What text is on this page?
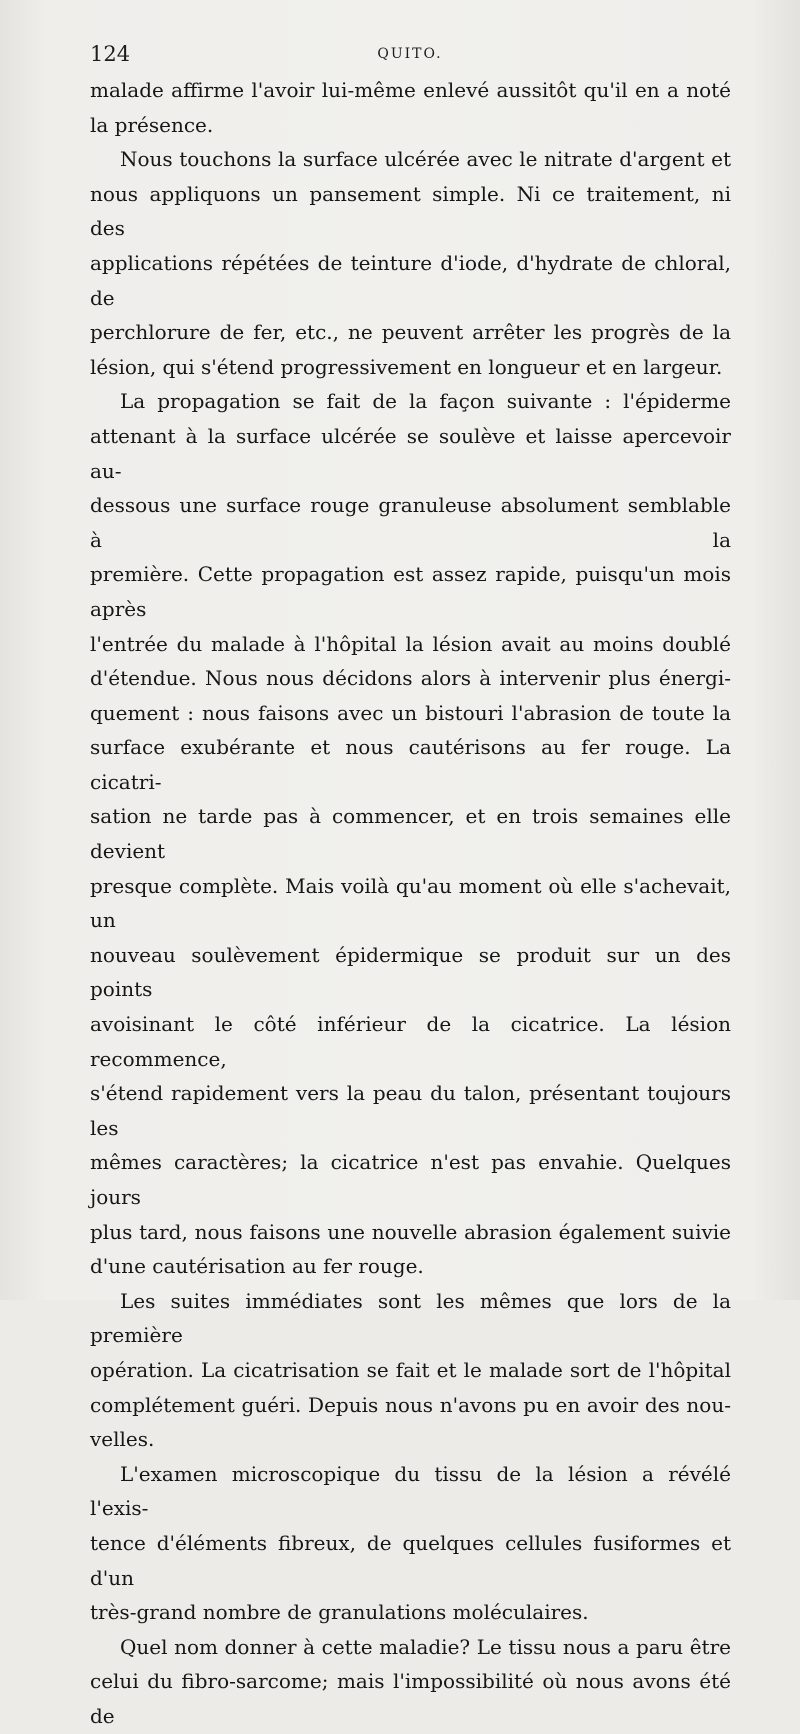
124	QUITO.
malade affirme l'avoir lui-même enlevé aussitôt qu'il en a noté
la présence.
Nous touchons la surface ulcérée avec le nitrate d'argent et
nous appliquons un pansement simple. Ni ce traitement, ni des
applications répétées de teinture d'iode, d'hydrate de chloral, de
perchlorure de fer, etc., ne peuvent arrêter les progrès de la
lésion, qui s'étend progressivement en longueur et en largeur.
La propagation se fait de la façon suivante : l'épiderme
attenant à la surface ulcérée se soulève et laisse apercevoir au-
dessous une surface rouge granuleuse absolument semblable à la
première. Cette propagation est assez rapide, puisqu'un mois après
l'entrée du malade à l'hôpital la lésion avait au moins doublé
d'étendue. Nous nous décidons alors à intervenir plus énergi-
quement : nous faisons avec un bistouri l'abrasion de toute la
surface exubérante et nous cautérisons au fer rouge. La cicatri-
sation ne tarde pas à commencer, et en trois semaines elle devient
presque complète. Mais voilà qu'au moment où elle s'achevait, un
nouveau soulèvement épidermique se produit sur un des points
avoisinant le côté inférieur de la cicatrice. La lésion recommence,
s'étend rapidement vers la peau du talon, présentant toujours les
mêmes caractères; la cicatrice n'est pas envahie. Quelques jours
plus tard, nous faisons une nouvelle abrasion également suivie
d'une cautérisation au fer rouge.
Les suites immédiates sont les mêmes que lors de la première
opération. La cicatrisation se fait et le malade sort de l'hôpital
complétement guéri. Depuis nous n'avons pu en avoir des nou-
velles.
L'examen microscopique du tissu de la lésion a révélé l'exis-
tence d'éléments fibreux, de quelques cellules fusiformes et d'un
très-grand nombre de granulations moléculaires.
Quel nom donner à cette maladie? Le tissu nous a paru être
celui du fibro-sarcome; mais l'impossibilité où nous avons été de
